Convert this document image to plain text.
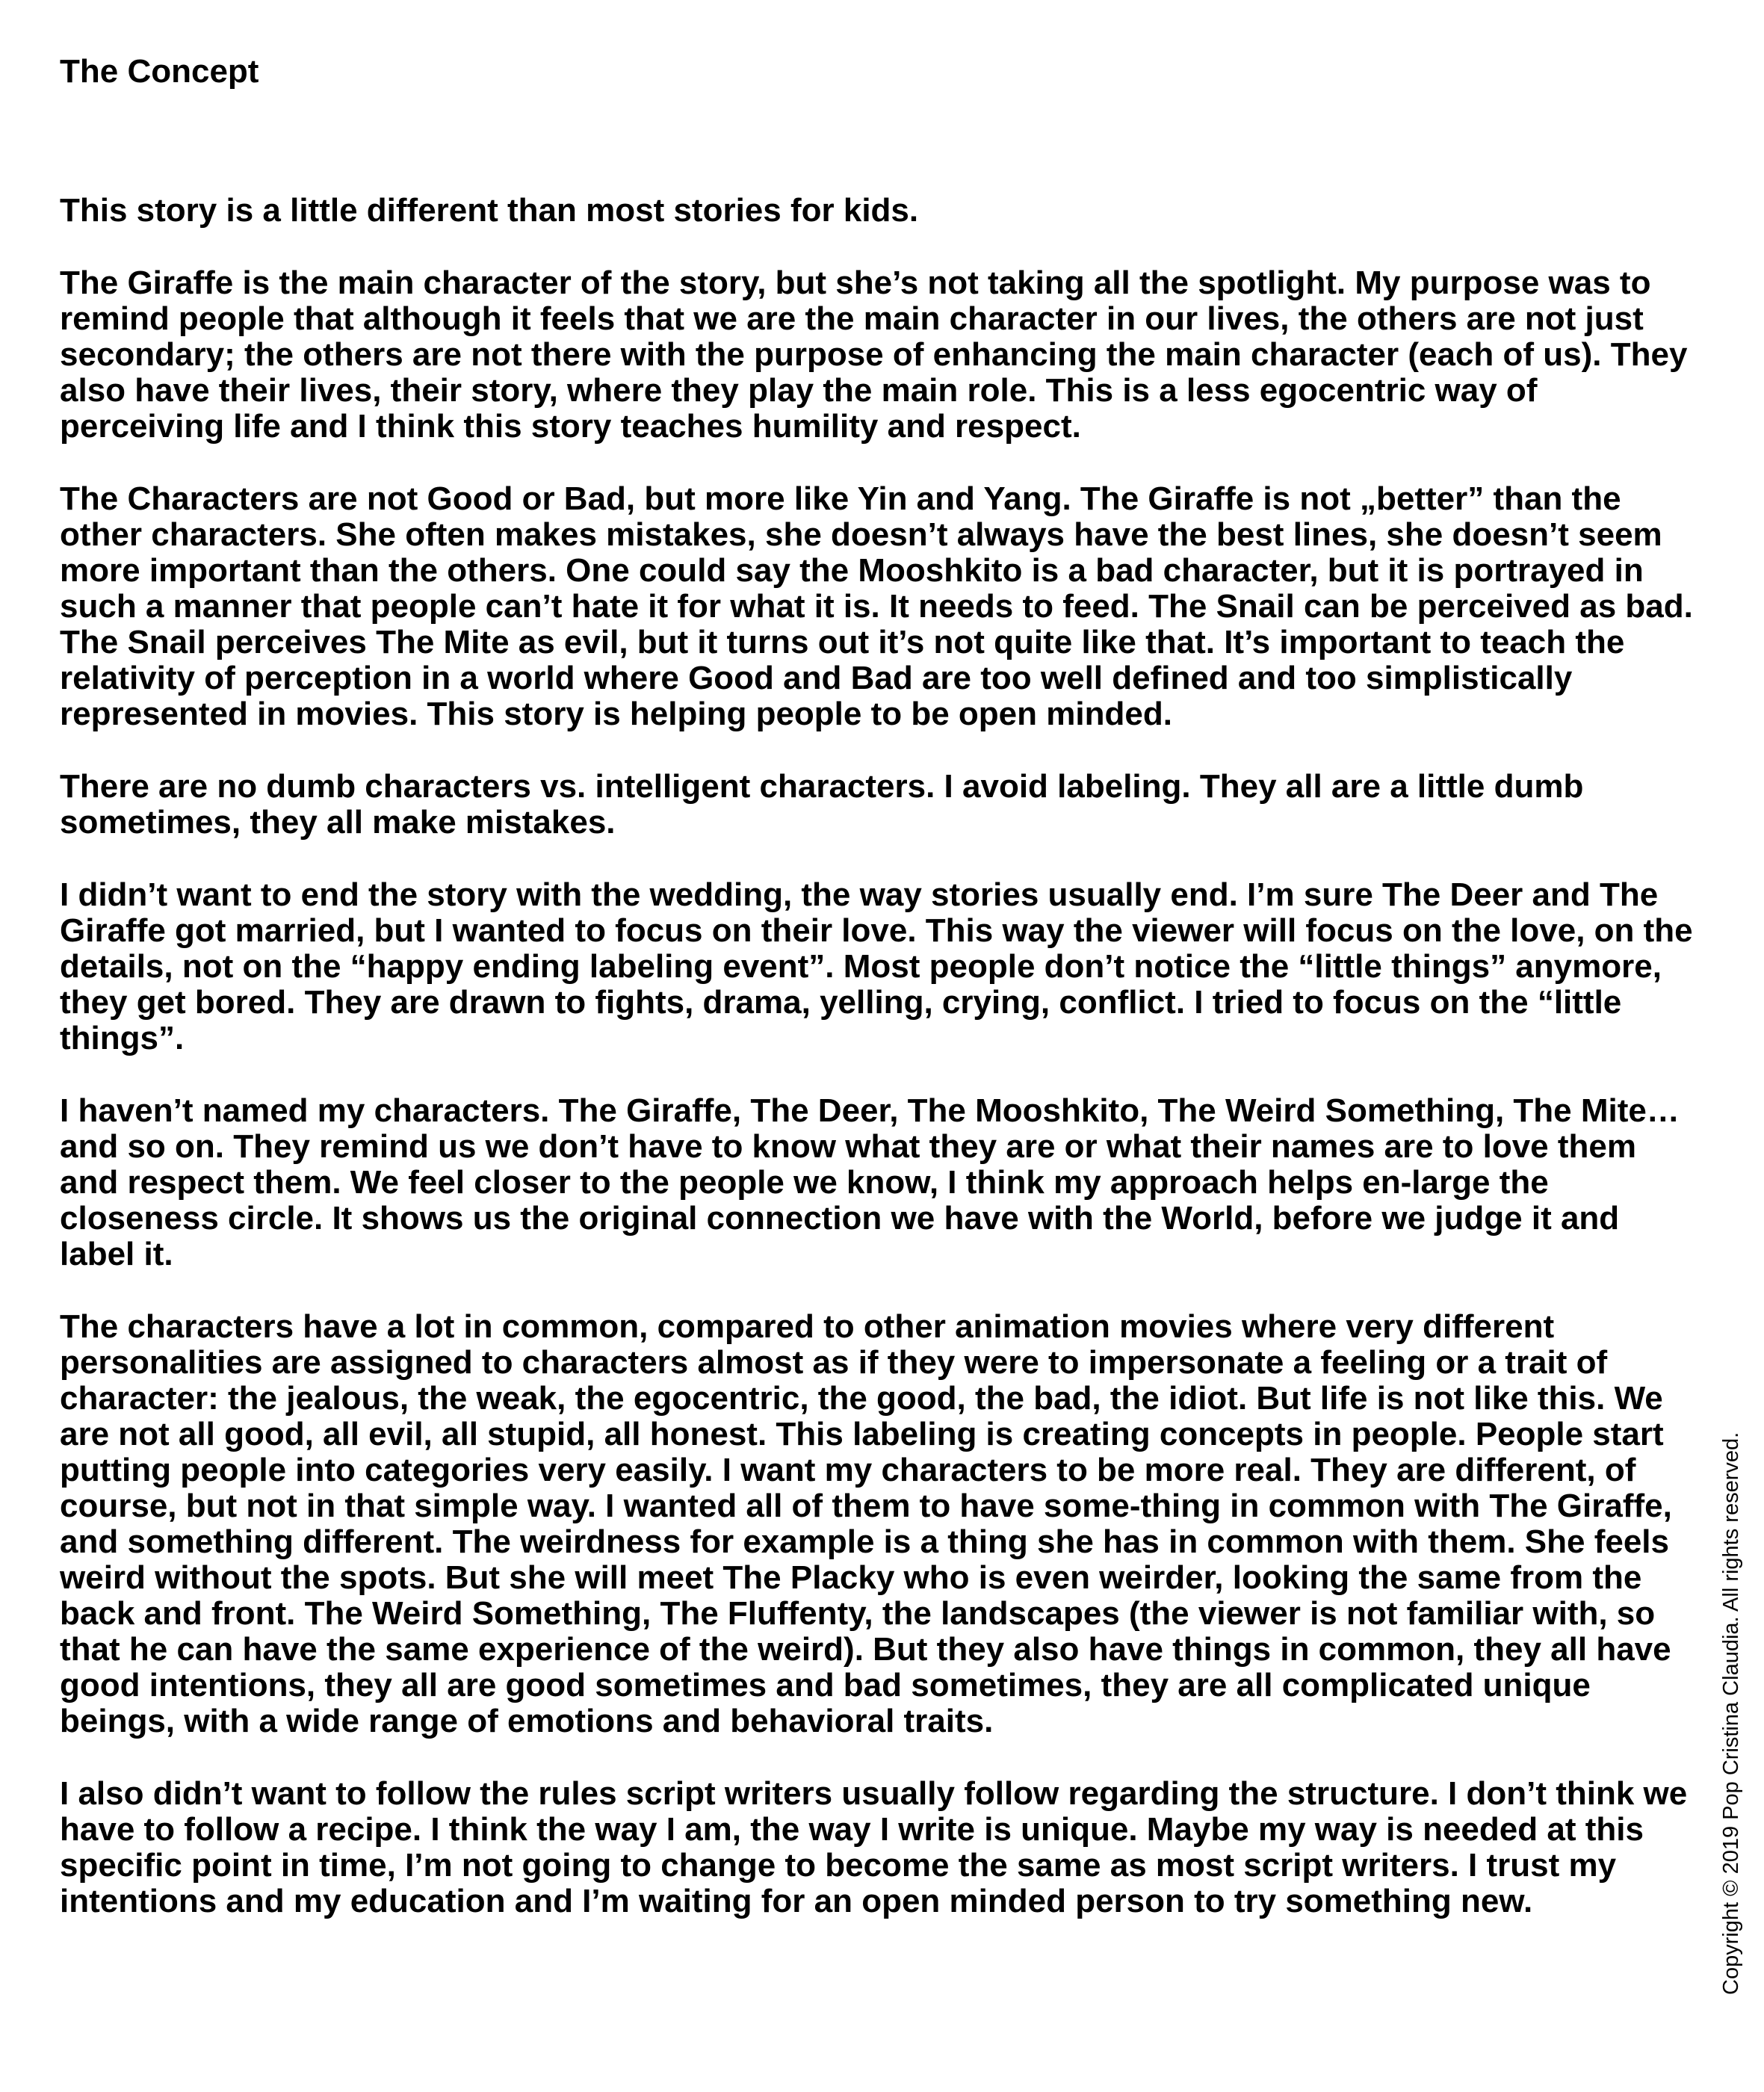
The Concept

This story is a little different than most stories for kids.

The Giraffe is the main character of the story, but she’s not taking all the spotlight. My purpose was to remind people that although it feels that we are the main character in our lives, the others are not just secondary; the others are not there with the purpose of enhancing the main character (each of us). They also have their lives, their story, where they play the main role. This is a less egocentric way of perceiving life and I think this story teaches humility and respect.

The Characters are not Good or Bad, but more like Yin and Yang. The Giraffe is not „better” than the other characters. She often makes mistakes, she doesn’t always have the best lines, she doesn’t seem more important than the others. One could say the Mooshkito is a bad character, but it is portrayed in such a manner that people can’t hate it for what it is. It needs to feed. The Snail can be perceived as bad. The Snail perceives The Mite as evil, but it turns out it’s not quite like that. It’s important to teach the relativity of perception in a world where Good and Bad are too well defined and too simplistically represented in movies. This story is helping people to be open minded.

There are no dumb characters vs. intelligent characters. I avoid labeling. They all are a little dumb sometimes, they all make mistakes.

I didn’t want to end the story with the wedding, the way stories usually end. I’m sure The Deer and The Giraffe got married, but I wanted to focus on their love. This way the viewer will focus on the love, on the details, not on the “happy ending labeling event”. Most people don’t notice the “little things” anymore, they get bored. They are drawn to fights, drama, yelling, crying, conflict. I tried to focus on the “little things”.

I haven’t named my characters. The Giraffe, The Deer, The Mooshkito, The Weird Something, The Mite… and so on. They remind us we don’t have to know what they are or what their names are to love them and respect them. We feel closer to the people we know, I think my approach helps en-large the closeness circle. It shows us the original connection we have with the World, before we judge it and label it.

The characters have a lot in common, compared to other animation movies where very different personalities are assigned to characters almost as if they were to impersonate a feeling or a trait of character: the jealous, the weak, the egocentric, the good, the bad, the idiot. But life is not like this. We are not all good, all evil, all stupid, all honest. This labeling is creating concepts in people. People start putting people into categories very easily. I want my characters to be more real. They are different, of course, but not in that simple way. I wanted all of them to have some-thing in common with The Giraffe, and something different. The weirdness for example is a thing she has in common with them. She feels weird without the spots. But she will meet The Placky who is even weirder, looking the same from the back and front. The Weird Something, The Fluffenty, the landscapes (the viewer is not familiar with, so that he can have the same experience of the weird). But they also have things in common, they all have good intentions, they all are good sometimes and bad sometimes, they are all complicated unique beings, with a wide range of emotions and behavioral traits.

I also didn’t want to follow the rules script writers usually follow regarding the structure. I don’t think we have to follow a recipe. I think the way I am, the way I write is unique. Maybe my way is needed at this specific point in time, I’m not going to change to become the same as most script writers. I trust my intentions and my education and I’m waiting for an open minded person to try something new.	Copyright © 2019 Pop Cristina Claudia. All rights reserved.
